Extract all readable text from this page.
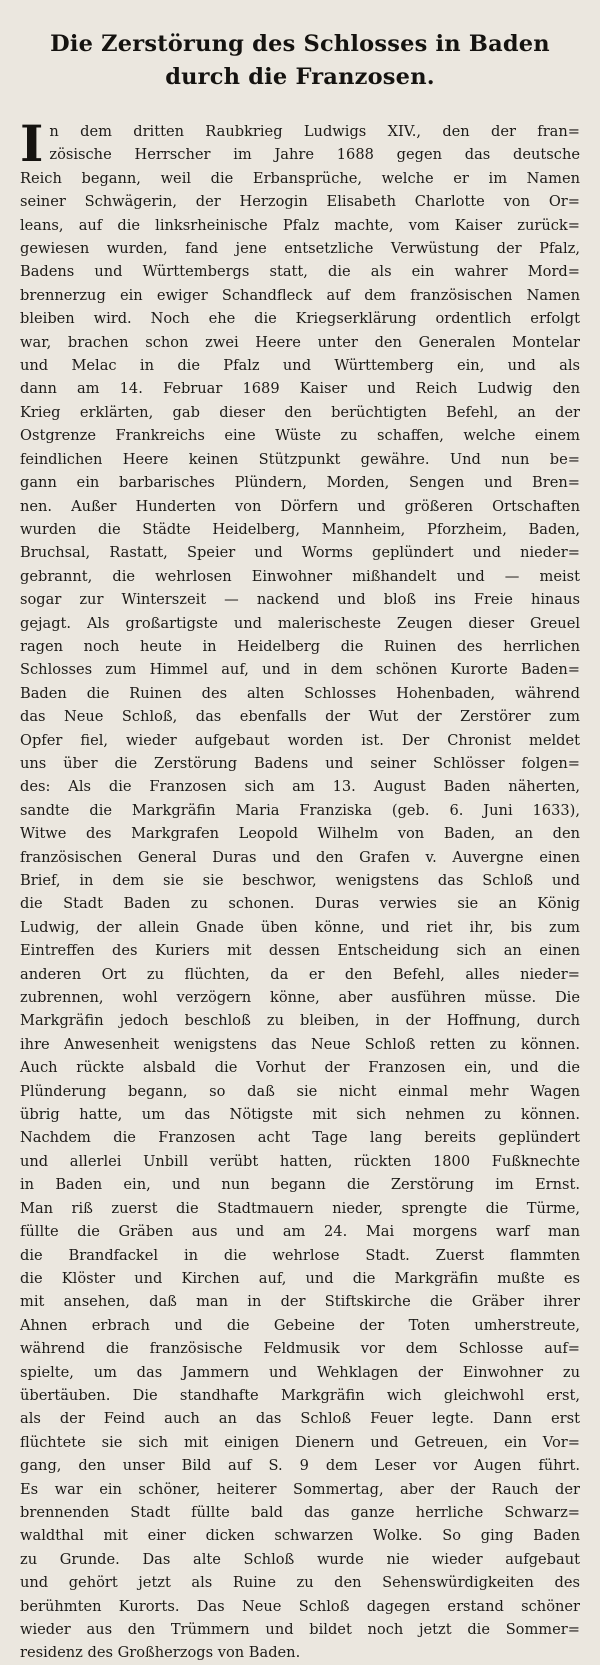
Die Zerstörung des Schlosses in Baden durch die Franzosen.
I n dem dritten Raubkrieg Ludwigs XIV., den der fran=
zösische Herrscher im Jahre 1688 gegen das deutsche
Reich begann, weil die Erbansprüche, welche er im Namen
seiner Schwägerin, der Herzogin Elisabeth Charlotte von Or=
leans, auf die linksrheinische Pfalz machte, vom Kaiser zurück=
gewiesen wurden, fand jene entsetzliche Verwüstung der Pfalz,
Badens und Württembergs statt, die als ein wahrer Mord=
brennerzug ein ewiger Schandfleck auf dem französischen Namen
bleiben wird. Noch ehe die Kriegserklärung ordentlich erfolgt
war, brachen schon zwei Heere unter den Generalen Montelar
und Melac in die Pfalz und Württemberg ein, und als
dann am 14. Februar 1689 Kaiser und Reich Ludwig den
Krieg erklärten, gab dieser den berüchtigten Befehl, an der
Ostgrenze Frankreichs eine Wüste zu schaffen, welche einem
feindlichen Heere keinen Stützpunkt gewähre. Und nun be=
gann ein barbarisches Plündern, Morden, Sengen und Bren=
nen. Außer Hunderten von Dörfern und größeren Ortschaften
wurden die Städte Heidelberg, Mannheim, Pforzheim, Baden,
Bruchsal, Rastatt, Speier und Worms geplündert und nieder=
gebrannt, die wehrlosen Einwohner mißhandelt und — meist
sogar zur Winterszeit — nackend und bloß ins Freie hinaus
gejagt. Als großartigste und malerischeste Zeugen dieser Greuel
ragen noch heute in Heidelberg die Ruinen des herrlichen
Schlosses zum Himmel auf, und in dem schönen Kurorte Baden=
Baden die Ruinen des alten Schlosses Hohenbaden, während
das Neue Schloß, das ebenfalls der Wut der Zerstörer zum
Opfer fiel, wieder aufgebaut worden ist. Der Chronist meldet
uns über die Zerstörung Badens und seiner Schlösser folgen=
des: Als die Franzosen sich am 13. August Baden näherten,
sandte die Markgräfin Maria Franziska (geb. 6. Juni 1633),
Witwe des Markgrafen Leopold Wilhelm von Baden, an den
französischen General Duras und den Grafen v. Auvergne einen
Brief, in dem sie sie beschwor, wenigstens das Schloß und
die Stadt Baden zu schonen. Duras verwies sie an König
Ludwig, der allein Gnade üben könne, und riet ihr, bis zum
Eintreffen des Kuriers mit dessen Entscheidung sich an einen
anderen Ort zu flüchten, da er den Befehl, alles nieder=
zubrennen, wohl verzögern könne, aber ausführen müsse. Die
Markgräfin jedoch beschloß zu bleiben, in der Hoffnung, durch
ihre Anwesenheit wenigstens das Neue Schloß retten zu können.
Auch rückte alsbald die Vorhut der Franzosen ein, und die
Plünderung begann, so daß sie nicht einmal mehr Wagen
übrig hatte, um das Nötigste mit sich nehmen zu können.
Nachdem die Franzosen acht Tage lang bereits geplündert
und allerlei Unbill verübt hatten, rückten 1800 Fußknechte
in Baden ein, und nun begann die Zerstörung im Ernst.
Man riß zuerst die Stadtmauern nieder, sprengte die Türme,
füllte die Gräben aus und am 24. Mai morgens warf man
die Brandfackel in die wehrlose Stadt. Zuerst flammten
die Klöster und Kirchen auf, und die Markgräfin mußte es
mit ansehen, daß man in der Stiftskirche die Gräber ihrer
Ahnen erbrach und die Gebeine der Toten umherstreute,
während die französische Feldmusik vor dem Schlosse auf=
spielte, um das Jammern und Wehklagen der Einwohner zu
übertäuben. Die standhafte Markgräfin wich gleichwohl erst,
als der Feind auch an das Schloß Feuer legte. Dann erst
flüchtete sie sich mit einigen Dienern und Getreuen, ein Vor=
gang, den unser Bild auf S. 9 dem Leser vor Augen führt.
Es war ein schöner, heiterer Sommertag, aber der Rauch der
brennenden Stadt füllte bald das ganze herrliche Schwarz=
waldthal mit einer dicken schwarzen Wolke. So ging Baden
zu Grunde. Das alte Schloß wurde nie wieder aufgebaut
und gehört jetzt als Ruine zu den Sehenswürdigkeiten des
berühmten Kurorts. Das Neue Schloß dagegen erstand schöner
wieder aus den Trümmern und bildet noch jetzt die Sommer=
residenz des Großherzogs von Baden.
